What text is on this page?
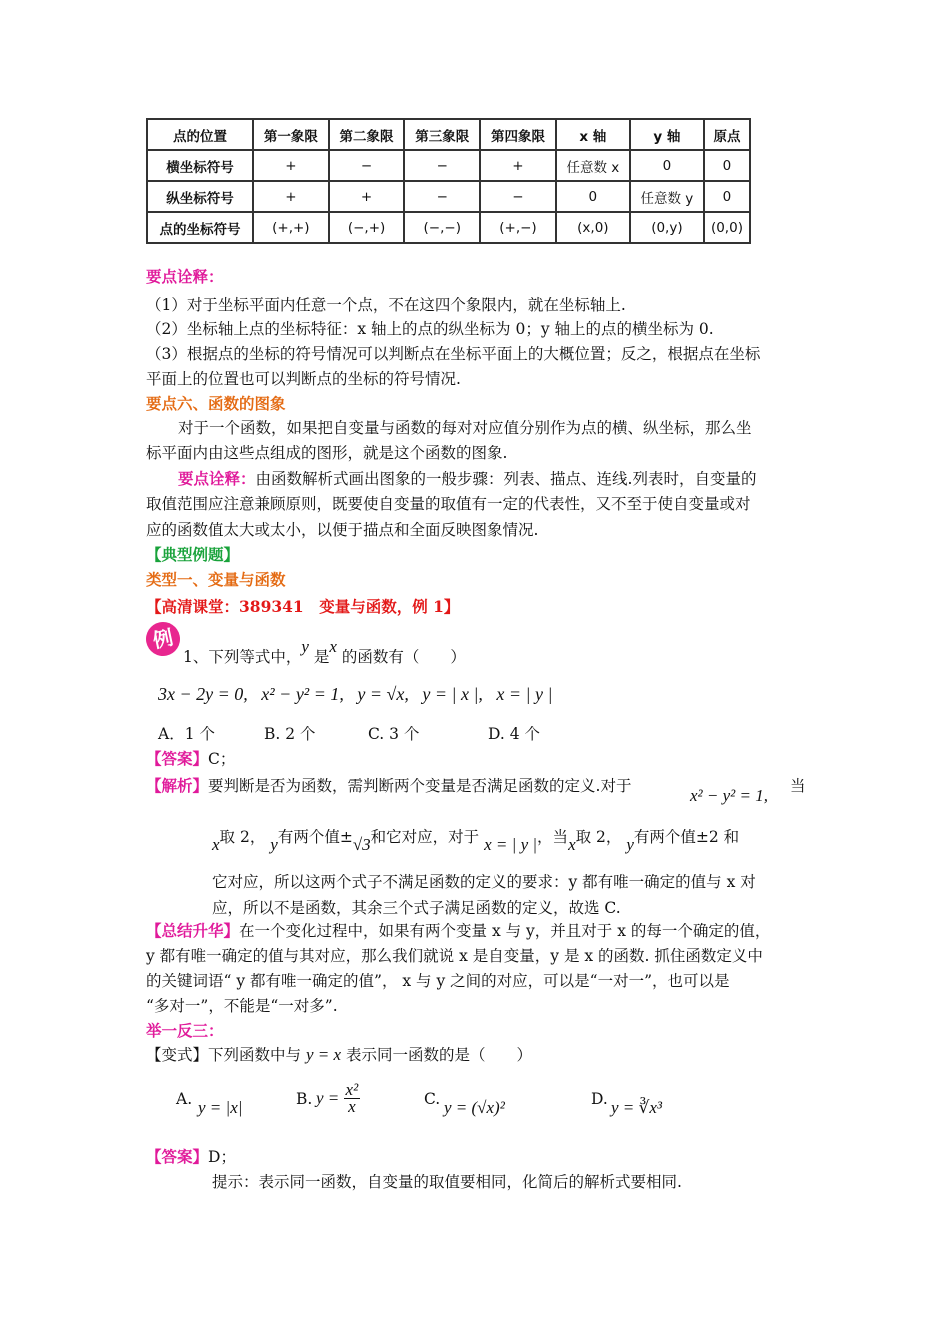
点的位置	第一象限	第二象限	第三象限	第四象限	x 轴	y 轴	原点
横坐标符号	+	−	−	+	任意数 x	0	0
纵坐标符号	+	+	−	−	0	任意数 y	0
点的坐标符号	(+,+)	(−,+)	(−,−)	(+,−)	(x,0)	(0,y)	(0,0)
要点诠释：
（1）对于坐标平面内任意一个点，不在这四个象限内，就在坐标轴上.
（2）坐标轴上点的坐标特征：x 轴上的点的纵坐标为 0；y 轴上的点的横坐标为 0.
（3）根据点的坐标的符号情况可以判断点在坐标平面上的大概位置；反之，根据点在坐标
平面上的位置也可以判断点的坐标的符号情况.
要点六、函数的图象
对于一个函数，如果把自变量与函数的每对对应值分别作为点的横、纵坐标，那么坐
标平面内由这些点组成的图形，就是这个函数的图象.
要点诠释：由函数解析式画出图象的一般步骤：列表、描点、连线.列表时，自变量的
取值范围应注意兼顾原则，既要使自变量的取值有一定的代表性，又不至于使自变量或对
应的函数值太大或太小，以便于描点和全面反映图象情况.
【典型例题】
类型一、变量与函数
【高清课堂：389341　变量与函数，例 1】
例
1、下列等式中，y 是x 的函数有（　　）
3x − 2y = 0, x² − y² = 1, y = √x, y = | x |, x = | y |
A．1 个	B. 2 个	C. 3 个	D. 4 个
【答案】C；
【解析】要判断是否为函数，需判断两个变量是否满足函数的定义.对于	x² − y² = 1, 当
x取 2， y有两个值±√3和它对应，对于 x = | y |，当x取 2， y有两个值±2 和
它对应，所以这两个式子不满足函数的定义的要求：y 都有唯一确定的值与 x 对
应，所以不是函数，其余三个式子满足函数的定义，故选 C.
【总结升华】在一个变化过程中，如果有两个变量 x 与 y，并且对于 x 的每一个确定的值，
y 都有唯一确定的值与其对应，那么我们就说 x 是自变量，y 是 x 的函数. 抓住函数定义中
的关键词语“ y 都有唯一确定的值”， x 与 y 之间的对应，可以是“一对一”，也可以是
“多对一”，不能是“一对多”.
举一反三：
【变式】下列函数中与 y = x 表示同一函数的是（　　）
A. y = |x|	B. $y = \frac{\text{x²}}{x}$	C. y = (√x)²	D. y = ∛x³
【答案】D；
提示：表示同一函数，自变量的取值要相同，化简后的解析式要相同.
